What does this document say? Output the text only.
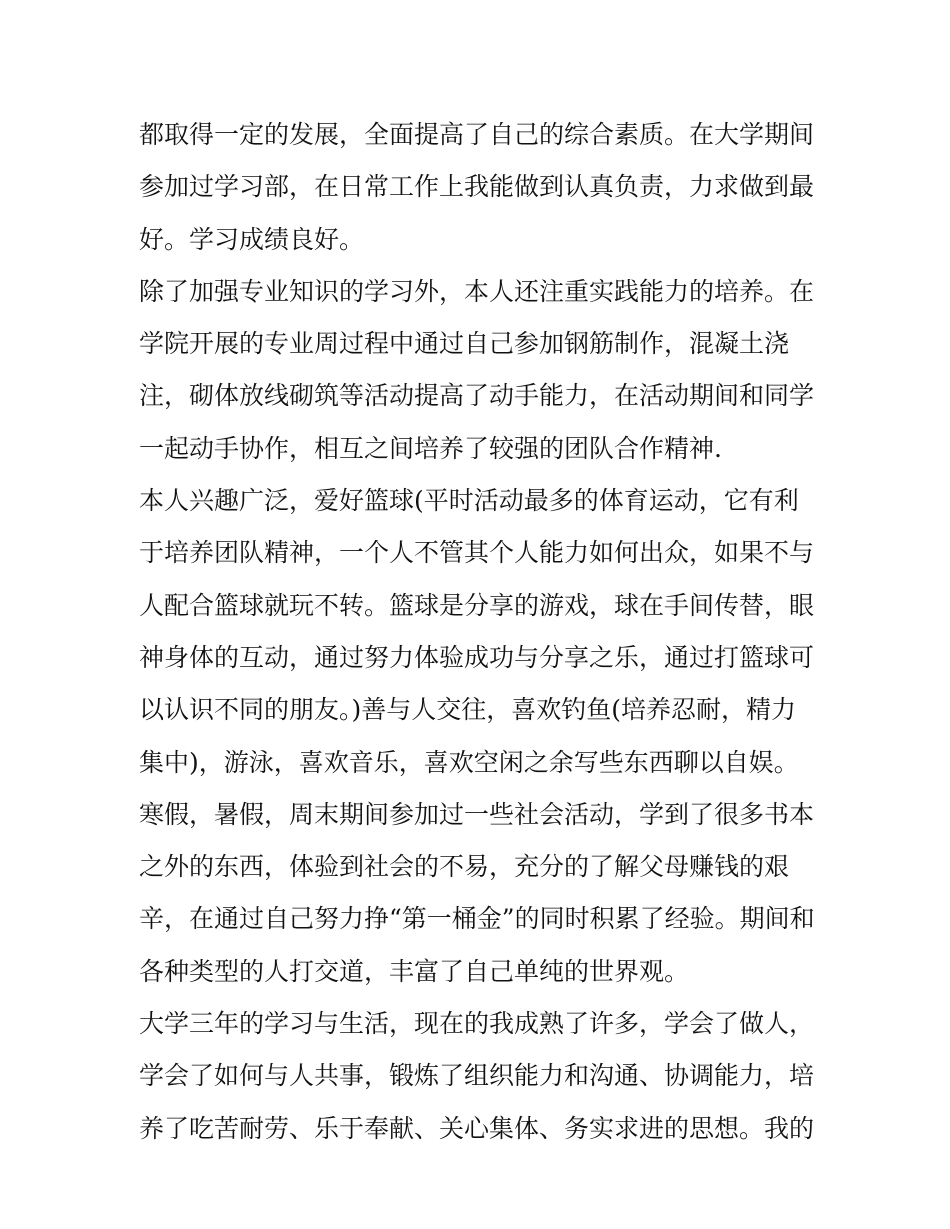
都取得一定的发展，全面提高了自己的综合素质。在大学期间
参加过学习部，在日常工作上我能做到认真负责，力求做到最
好。学习成绩良好。
除了加强专业知识的学习外，本人还注重实践能力的培养。在
学院开展的专业周过程中通过自己参加钢筋制作，混凝土浇
注，砌体放线砌筑等活动提高了动手能力，在活动期间和同学
一起动手协作，相互之间培养了较强的团队合作精神.
本人兴趣广泛，爱好篮球(平时活动最多的体育运动，它有利
于培养团队精神，一个人不管其个人能力如何出众，如果不与
人配合篮球就玩不转。篮球是分享的游戏，球在手间传替，眼
神身体的互动，通过努力体验成功与分享之乐，通过打篮球可
以认识不同的朋友。)善与人交往，喜欢钓鱼(培养忍耐，精力
集中)，游泳，喜欢音乐，喜欢空闲之余写些东西聊以自娱。
寒假，暑假，周末期间参加过一些社会活动，学到了很多书本
之外的东西，体验到社会的不易，充分的了解父母赚钱的艰
辛，在通过自己努力挣“第一桶金”的同时积累了经验。期间和
各种类型的人打交道，丰富了自己单纯的世界观。
大学三年的学习与生活，现在的我成熟了许多，学会了做人，
学会了如何与人共事，锻炼了组织能力和沟通、协调能力，培
养了吃苦耐劳、乐于奉献、关心集体、务实求进的思想。我的
